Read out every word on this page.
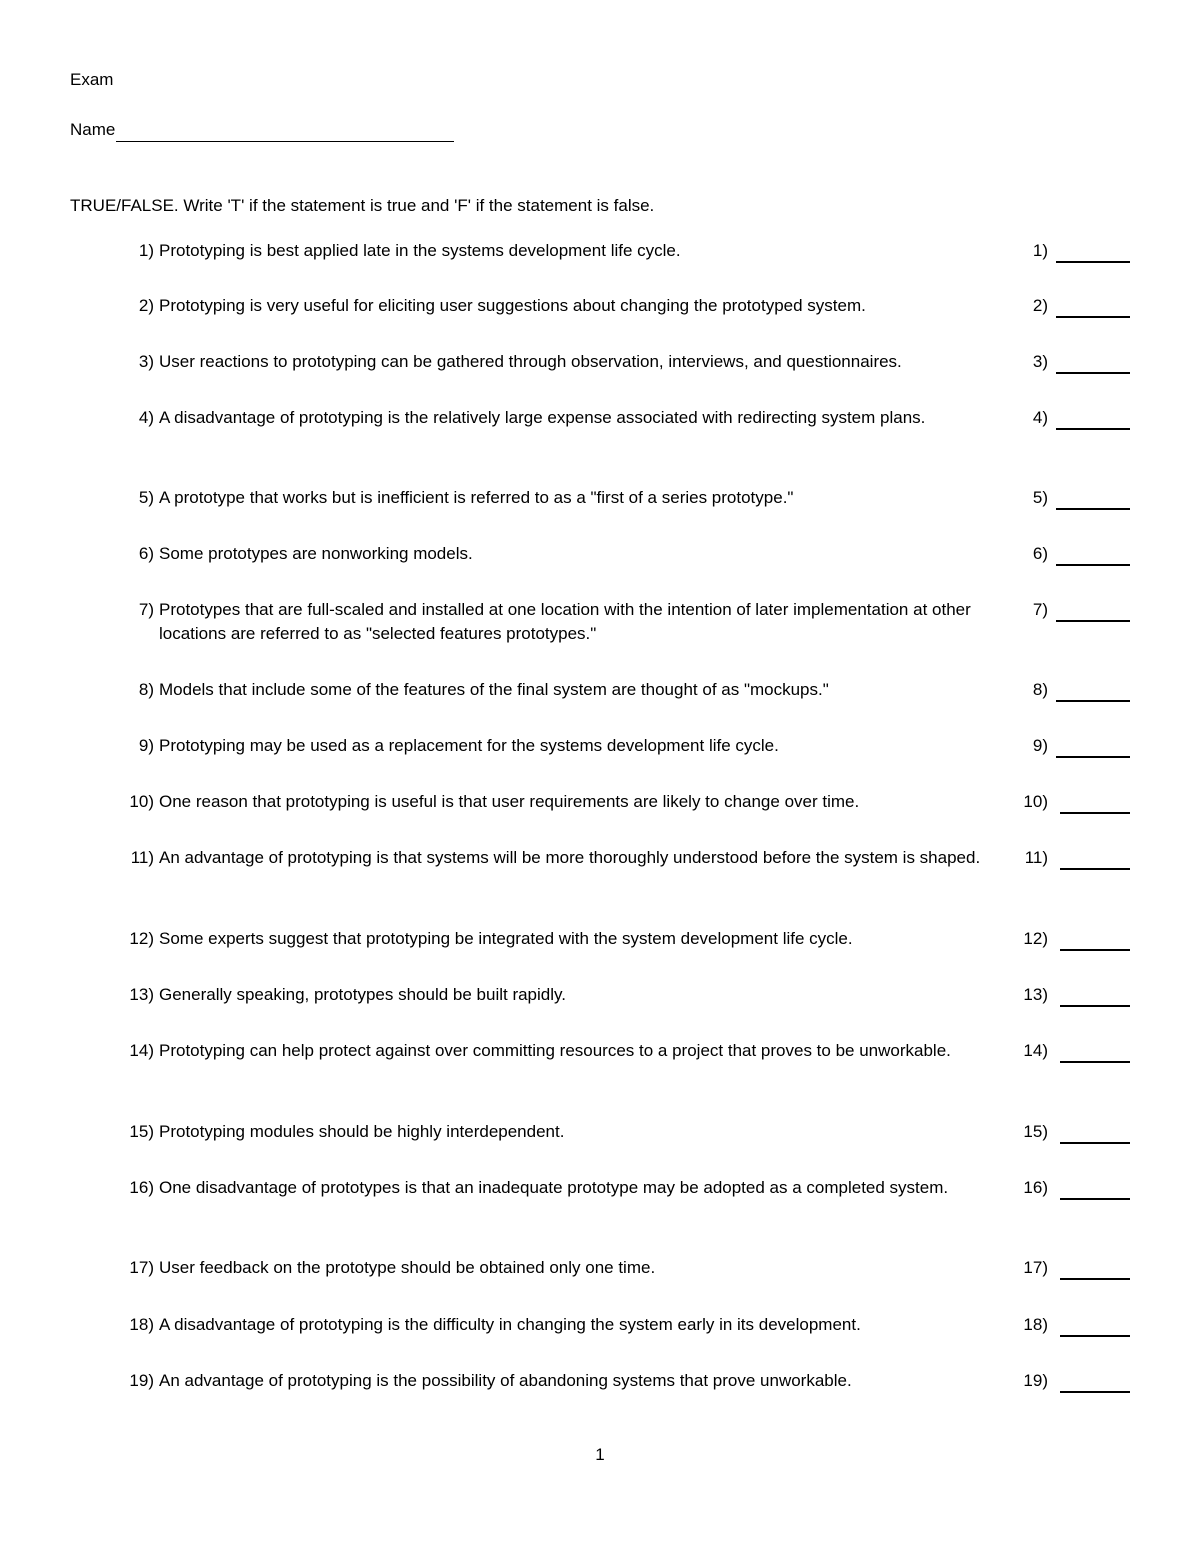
Exam
Name
TRUE/FALSE. Write 'T' if the statement is true and 'F' if the statement is false.
1) Prototyping is best applied late in the systems development life cycle.	1)
2) Prototyping is very useful for eliciting user suggestions about changing the prototyped system.	2)
3) User reactions to prototyping can be gathered through observation, interviews, and questionnaires.	3)
4) A disadvantage of prototyping is the relatively large expense associated with redirecting system plans.	4)
5) A prototype that works but is inefficient is referred to as a "first of a series prototype."	5)
6) Some prototypes are nonworking models.	6)
7) Prototypes that are full-scaled and installed at one location with the intention of later implementation at other locations are referred to as "selected features prototypes."
7)
8) Models that include some of the features of the final system are thought of as "mockups."	8)
9) Prototyping may be used as a replacement for the systems development life cycle.	9)
10) One reason that prototyping is useful is that user requirements are likely to change over time.	10)
11) An advantage of prototyping is that systems will be more thoroughly understood before the system is shaped.	11)
12) Some experts suggest that prototyping be integrated with the system development life cycle.	12)
13) Generally speaking, prototypes should be built rapidly.	13)
14) Prototyping can help protect against over committing resources to a project that proves to be unworkable.	14)
15) Prototyping modules should be highly interdependent.	15)
16) One disadvantage of prototypes is that an inadequate prototype may be adopted as a completed system.	16)
17) User feedback on the prototype should be obtained only one time.	17)
18) A disadvantage of prototyping is the difficulty in changing the system early in its development.	18)
19) An advantage of prototyping is the possibility of abandoning systems that prove unworkable.	19)
1
